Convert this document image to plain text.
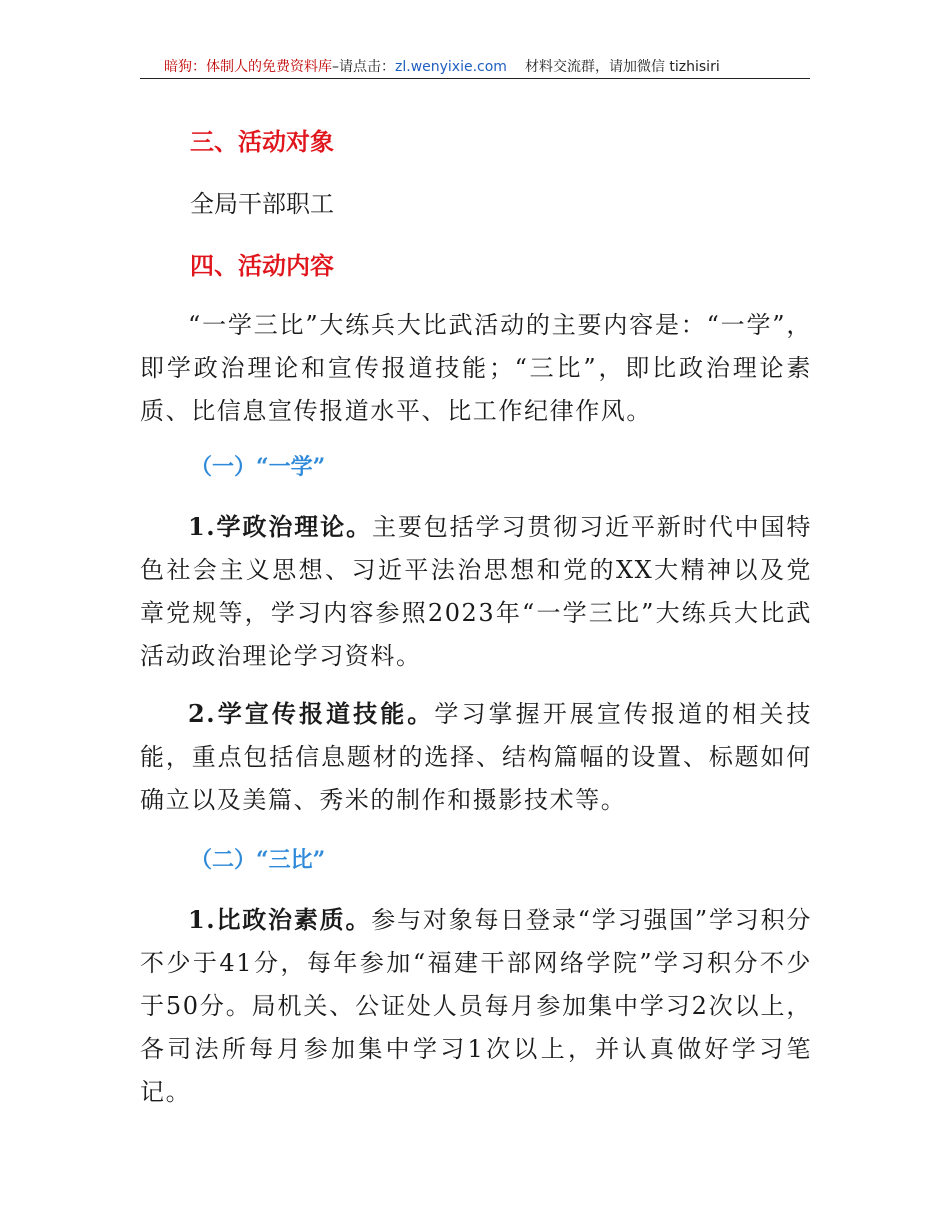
暗狗：体制人的免费资料库–请点击：zl.wenyixie.com 材料交流群，请加微信 tizhisiri
三、活动对象

全局干部职工

四、活动内容

“一学三比”大练兵大比武活动的主要内容是：“一学”，即学政治理论和宣传报道技能；“三比”，即比政治理论素质、比信息宣传报道水平、比工作纪律作风。

（一）“一学”

1.学政治理论。主要包括学习贯彻习近平新时代中国特色社会主义思想、习近平法治思想和党的XX大精神以及党章党规等，学习内容参照2023年“一学三比”大练兵大比武活动政治理论学习资料。

2.学宣传报道技能。学习掌握开展宣传报道的相关技能，重点包括信息题材的选择、结构篇幅的设置、标题如何确立以及美篇、秀米的制作和摄影技术等。

（二）“三比”

1.比政治素质。参与对象每日登录“学习强国”学习积分不少于41分，每年参加“福建干部网络学院”学习积分不少于50分。局机关、公证处人员每月参加集中学习2次以上，各司法所每月参加集中学习1次以上，并认真做好学习笔记。
